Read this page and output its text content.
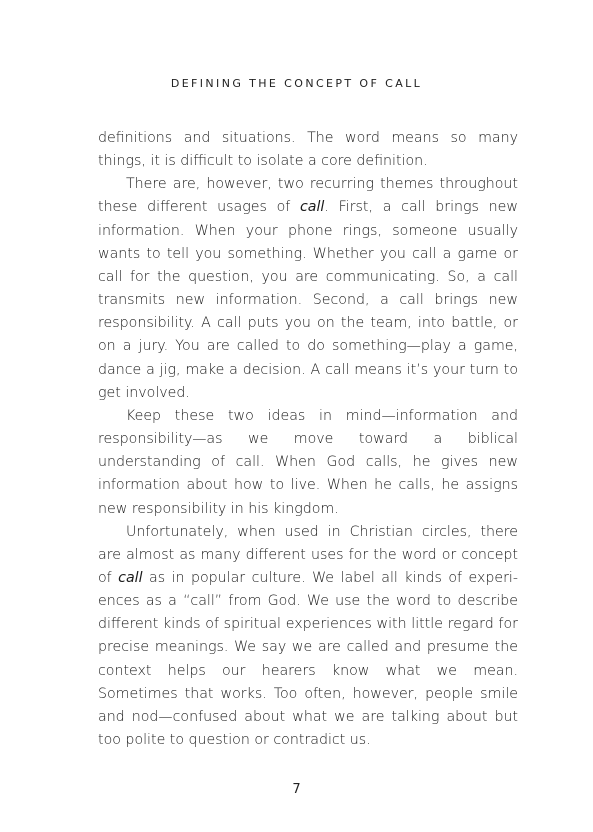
DEFINING THE CONCEPT OF CALL

definitions and situations. The word means so many things, it is difficult to isolate a core definition.

There are, however, two recurring themes throughout these different usages of call. First, a call brings new information. When your phone rings, someone usually wants to tell you something. Whether you call a game or call for the question, you are communicating. So, a call transmits new information. Second, a call brings new responsibility. A call puts you on the team, into battle, or on a jury. You are called to do something—play a game, dance a jig, make a decision. A call means it’s your turn to get involved.

Keep these two ideas in mind—information and responsibility—as we move toward a biblical understanding of call. When God calls, he gives new information about how to live. When he calls, he assigns new responsibility in his kingdom.

Unfortunately, when used in Christian circles, there are almost as many different uses for the word or concept of call as in popular culture. We label all kinds of experiences as a “call” from God. We use the word to describe different kinds of spiritual experiences with little regard for precise meanings. We say we are called and presume the context helps our hearers know what we mean. Sometimes that works. Too often, however, people smile and nod—confused about what we are talking about but too polite to question or contradict us.

7
